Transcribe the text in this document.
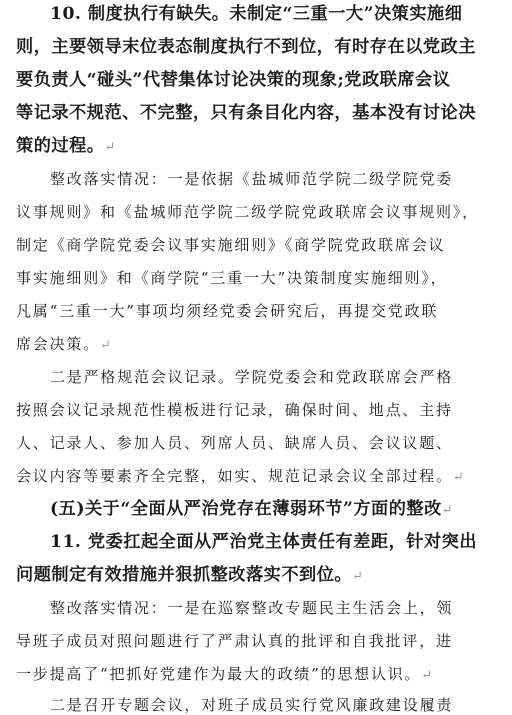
10. 制度执行有缺失。未制定“三重一大”决策实施细
则，主要领导末位表态制度执行不到位，有时存在以党政主
要负责人“碰头”代替集体讨论决策的现象;党政联席会议
等记录不规范、不完整，只有条目化内容，基本没有讨论决
策的过程。↵
整改落实情况：一是依据《盐城师范学院二级学院党委
议事规则》和《盐城师范学院二级学院党政联席会议事规则》，
制定《商学院党委会议事实施细则》《商学院党政联席会议
事实施细则》和《商学院“三重一大”决策制度实施细则》，
凡属“三重一大”事项均须经党委会研究后，再提交党政联
席会决策。↵
二是严格规范会议记录。学院党委会和党政联席会严格
按照会议记录规范性模板进行记录，确保时间、地点、主持
人、记录人、参加人员、列席人员、缺席人员、会议议题、
会议内容等要素齐全完整，如实、规范记录会议全部过程。↵
(五)关于“全面从严治党存在薄弱环节”方面的整改↵
11. 党委扛起全面从严治党主体责任有差距，针对突出
问题制定有效措施并狠抓整改落实不到位。↵
整改落实情况：一是在巡察整改专题民主生活会上，领
导班子成员对照问题进行了严肃认真的批评和自我批评，进
一步提高了“把抓好党建作为最大的政绩”的思想认识。↵
二是召开专题会议，对班子成员实行党风廉政建设履责
